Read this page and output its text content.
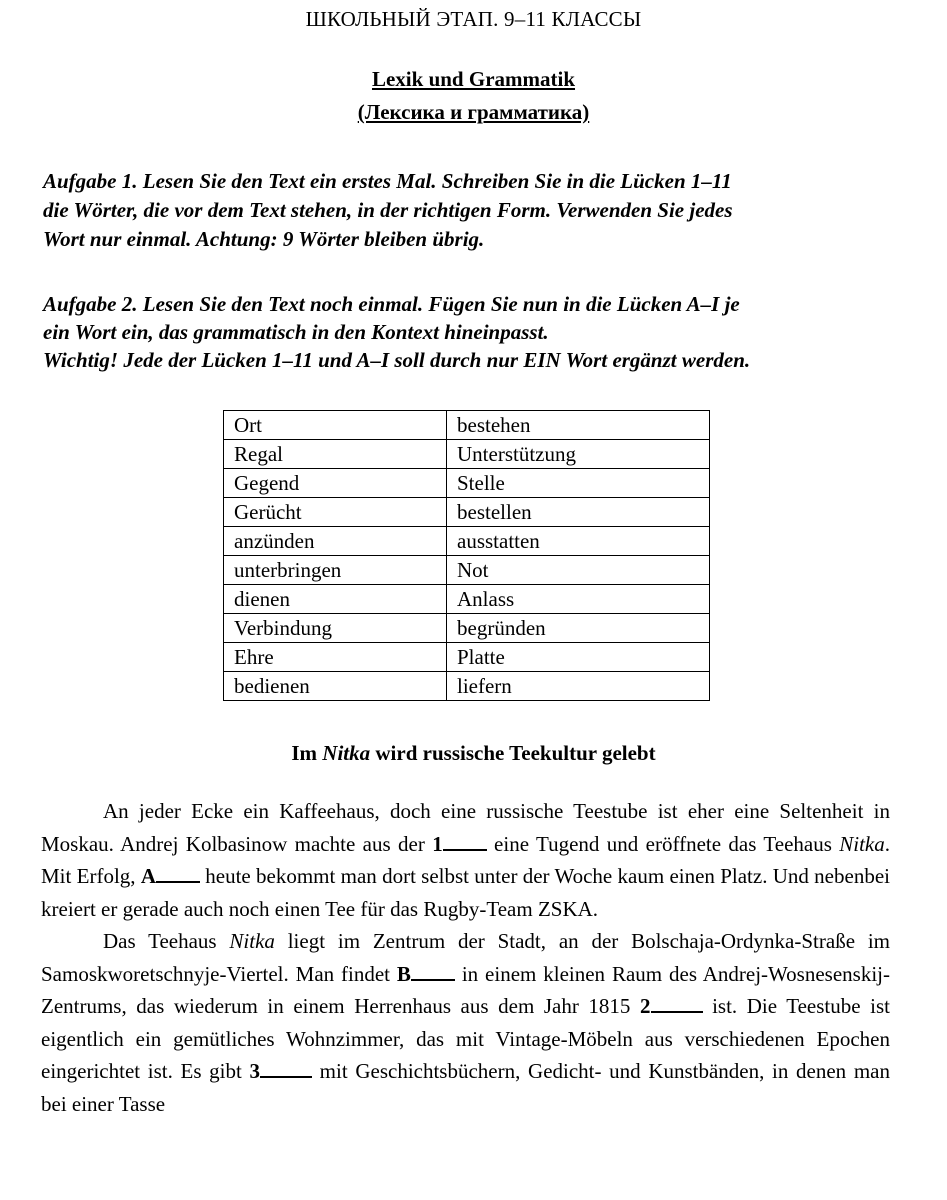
ШКОЛЬНЫЙ ЭТАП. 9–11 КЛАССЫ
Lexik und Grammatik
(Лексика и грамматика)
Aufgabe 1. Lesen Sie den Text ein erstes Mal. Schreiben Sie in die Lücken 1–11
die Wörter, die vor dem Text stehen, in der richtigen Form. Verwenden Sie jedes
Wort nur einmal. Achtung: 9 Wörter bleiben übrig.
Aufgabe 2. Lesen Sie den Text noch einmal. Fügen Sie nun in die Lücken A–I je
ein Wort ein, das grammatisch in den Kontext hineinpasst.
Wichtig! Jede der Lücken 1–11 und A–I soll durch nur EIN Wort ergänzt werden.
Ort	bestehen
Regal	Unterstützung
Gegend	Stelle
Gerücht	bestellen
anzünden	ausstatten
unterbringen	Not
dienen	Anlass
Verbindung	begründen
Ehre	Platte
bedienen	liefern
Im Nitka wird russische Teekultur gelebt

An jeder Ecke ein Kaffeehaus, doch eine russische Teestube ist eher eine Seltenheit in Moskau. Andrej Kolbasinow machte aus der 1 eine Tugend und eröffnete das Teehaus Nitka. Mit Erfolg, A heute bekommt man dort selbst unter der Woche kaum einen Platz. Und nebenbei kreiert er gerade auch noch einen Tee für das Rugby-Team ZSKA.

Das Teehaus Nitka liegt im Zentrum der Stadt, an der Bolschaja-Ordynka-Straße im Samoskworetschnyje-Viertel. Man findet B in einem kleinen Raum des Andrej-Wosnesenskij-Zentrums, das wiederum in einem Herrenhaus aus dem Jahr 1815 2 ist. Die Teestube ist eigentlich ein gemütliches Wohnzimmer, das mit Vintage-Möbeln aus verschiedenen Epochen eingerichtet ist. Es gibt 3 mit Geschichtsbüchern, Gedicht- und Kunstbänden, in denen man bei einer Tasse
